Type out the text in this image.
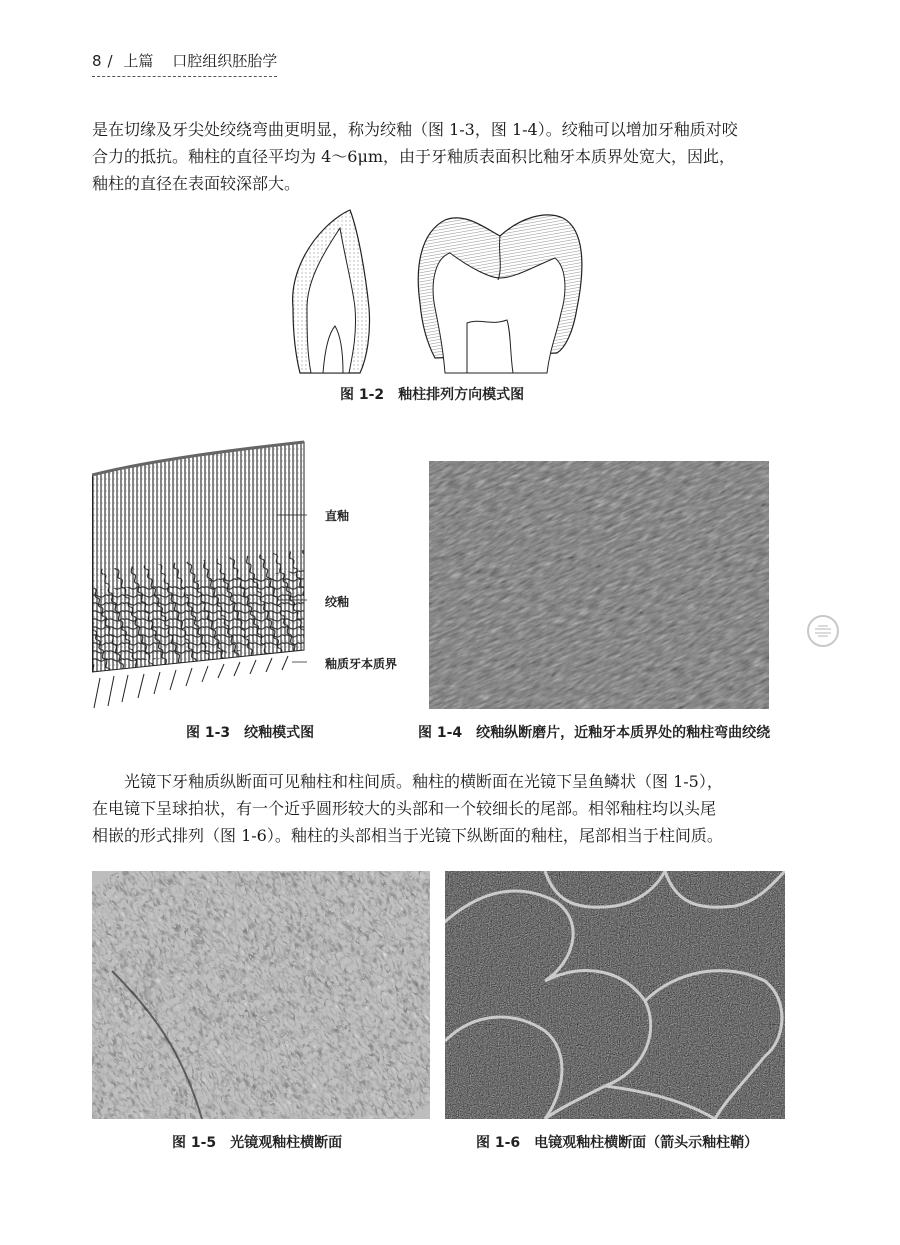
8 / 上篇 口腔组织胚胎学

是在切缘及牙尖处绞绕弯曲更明显，称为绞釉（图 1-3，图 1-4）。绞釉可以增加牙釉质对咬

合力的抵抗。釉柱的直径平均为 4～6μm，由于牙釉质表面积比釉牙本质界处宽大，因此，

釉柱的直径在表面较深部大。

图 1-2 釉柱排列方向模式图
直釉
绞釉
釉质牙本质界
图 1-3 绞釉模式图	图 1-4 绞釉纵断磨片，近釉牙本质界处的釉柱弯曲绞绕

光镜下牙釉质纵断面可见釉柱和柱间质。釉柱的横断面在光镜下呈鱼鳞状（图 1-5），

在电镜下呈球拍状，有一个近乎圆形较大的头部和一个较细长的尾部。相邻釉柱均以头尾

相嵌的形式排列（图 1-6）。釉柱的头部相当于光镜下纵断面的釉柱，尾部相当于柱间质。

图 1-5 光镜观釉柱横断面	图 1-6 电镜观釉柱横断面（箭头示釉柱鞘）
